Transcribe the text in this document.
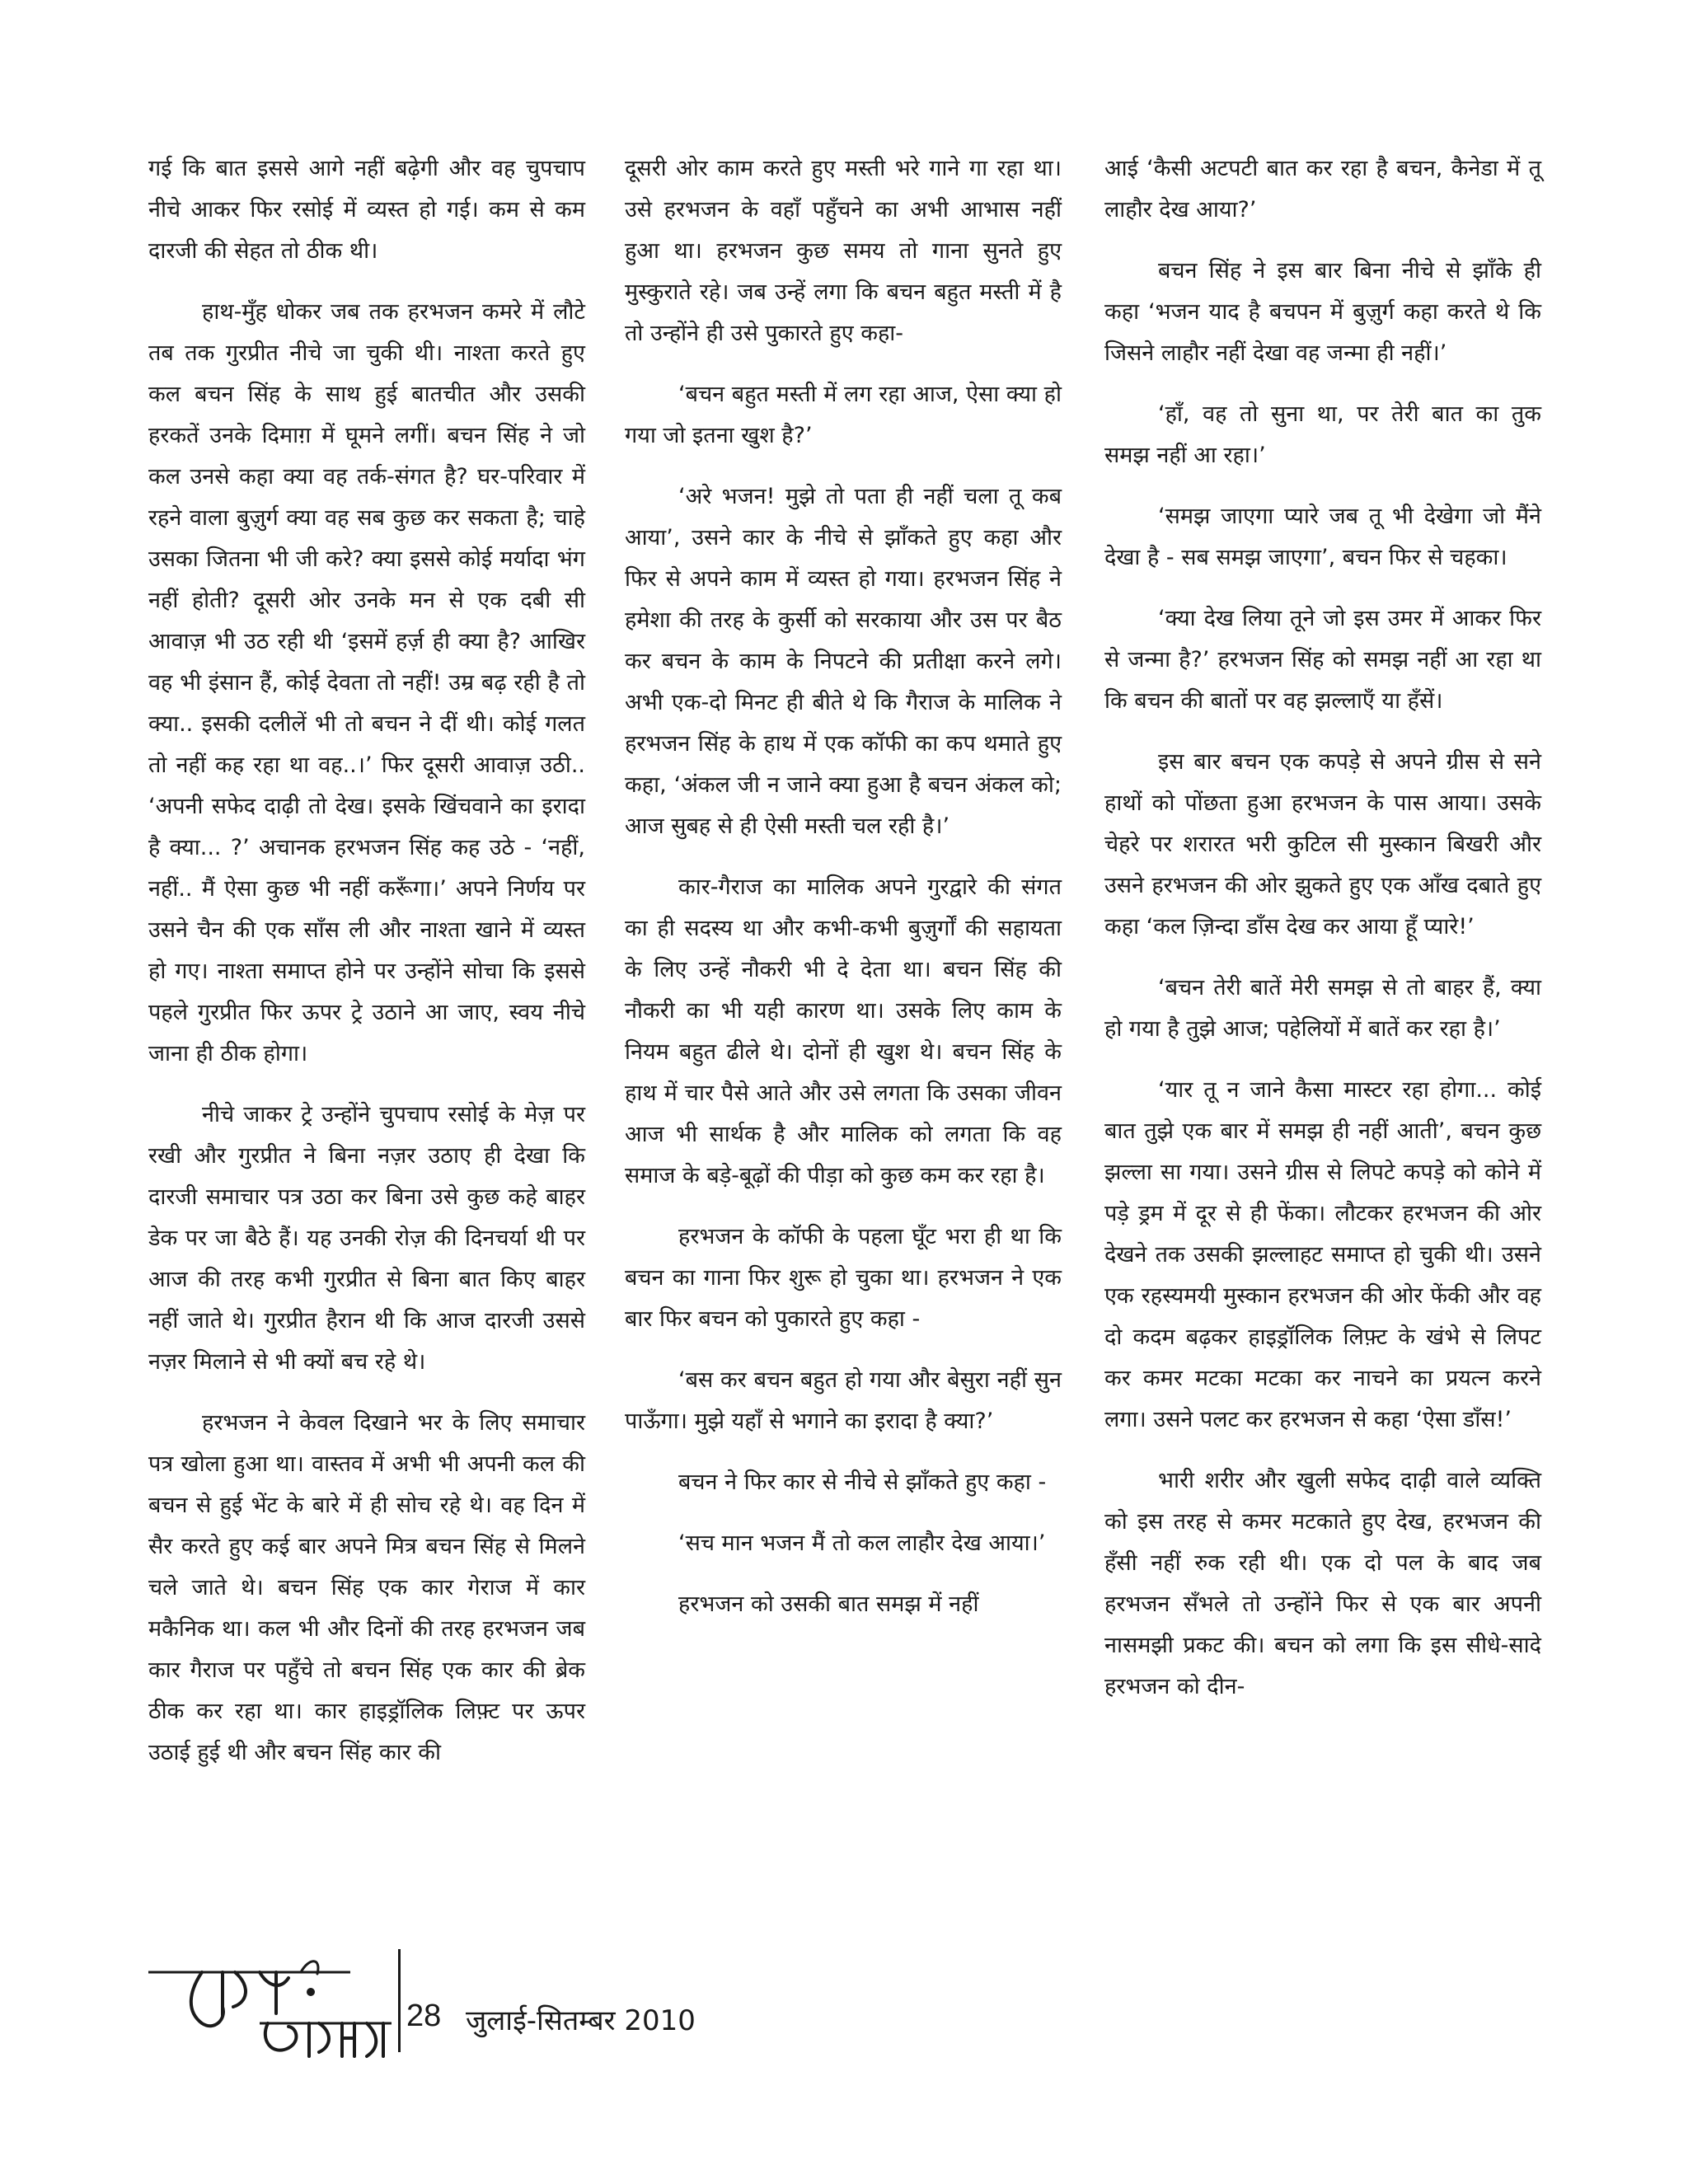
गई कि बात इससे आगे नहीं बढ़ेगी और वह चुपचाप नीचे आकर फिर रसोई में व्यस्त हो गई। कम से कम दारजी की सेहत तो ठीक थी।

हाथ-मुँह धोकर जब तक हरभजन कमरे में लौटे तब तक गुरप्रीत नीचे जा चुकी थी। नाश्ता करते हुए कल बचन सिंह के साथ हुई बातचीत और उसकी हरकतें उनके दिमाग़ में घूमने लगीं। बचन सिंह ने जो कल उनसे कहा क्या वह तर्क-संगत है? घर-परिवार में रहने वाला बुज़ुर्ग क्या वह सब कुछ कर सकता है; चाहे उसका जितना भी जी करे? क्या इससे कोई मर्यादा भंग नहीं होती? दूसरी ओर उनके मन से एक दबी सी आवाज़ भी उठ रही थी ‘इसमें हर्ज़ ही क्या है? आखिर वह भी इंसान हैं, कोई देवता तो नहीं! उम्र बढ़ रही है तो क्या.. इसकी दलीलें भी तो बचन ने दीं थी। कोई गलत तो नहीं कह रहा था वह..।’ फिर दूसरी आवाज़ उठी.. ‘अपनी सफेद दाढ़ी तो देख। इसके खिंचवाने का इरादा है क्या... ?’ अचानक हरभजन सिंह कह उठे - ‘नहीं, नहीं.. मैं ऐसा कुछ भी नहीं करूँगा।’ अपने निर्णय पर उसने चैन की एक साँस ली और नाश्ता खाने में व्यस्त हो गए। नाश्ता समाप्त होने पर उन्होंने सोचा कि इससे पहले गुरप्रीत फिर ऊपर ट्रे उठाने आ जाए, स्वय नीचे जाना ही ठीक होगा।

नीचे जाकर ट्रे उन्होंने चुपचाप रसोई के मेज़ पर रखी और गुरप्रीत ने बिना नज़र उठाए ही देखा कि दारजी समाचार पत्र उठा कर बिना उसे कुछ कहे बाहर डेक पर जा बैठे हैं। यह उनकी रोज़ की दिनचर्या थी पर आज की तरह कभी गुरप्रीत से बिना बात किए बाहर नहीं जाते थे। गुरप्रीत हैरान थी कि आज दारजी उससे नज़र मिलाने से भी क्यों बच रहे थे।

हरभजन ने केवल दिखाने भर के लिए समाचार पत्र खोला हुआ था। वास्तव में अभी भी अपनी कल की बचन से हुई भेंट के बारे में ही सोच रहे थे। वह दिन में सैर करते हुए कई बार अपने मित्र बचन सिंह से मिलने चले जाते थे। बचन सिंह एक कार गेराज में कार मकैनिक था। कल भी और दिनों की तरह हरभजन जब कार गैराज पर पहुँचे तो बचन सिंह एक कार की ब्रेक ठीक कर रहा था। कार हाइड्रॉलिक लिफ़्ट पर ऊपर उठाई हुई थी और बचन सिंह कार की

दूसरी ओर काम करते हुए मस्ती भरे गाने गा रहा था। उसे हरभजन के वहाँ पहुँचने का अभी आभास नहीं हुआ था। हरभजन कुछ समय तो गाना सुनते हुए मुस्कुराते रहे। जब उन्हें लगा कि बचन बहुत मस्ती में है तो उन्होंने ही उसे पुकारते हुए कहा-

‘बचन बहुत मस्ती में लग रहा आज, ऐसा क्या हो गया जो इतना खुश है?’

‘अरे भजन! मुझे तो पता ही नहीं चला तू कब आया’, उसने कार के नीचे से झाँकते हुए कहा और फिर से अपने काम में व्यस्त हो गया। हरभजन सिंह ने हमेशा की तरह के कुर्सी को सरकाया और उस पर बैठ कर बचन के काम के निपटने की प्रतीक्षा करने लगे। अभी एक-दो मिनट ही बीते थे कि गैराज के मालिक ने हरभजन सिंह के हाथ में एक कॉफी का कप थमाते हुए कहा, ‘अंकल जी न जाने क्या हुआ है बचन अंकल को; आज सुबह से ही ऐसी मस्ती चल रही है।’

कार-गैराज का मालिक अपने गुरद्वारे की संगत का ही सदस्य था और कभी-कभी बुज़ुर्गों की सहायता के लिए उन्हें नौकरी भी दे देता था। बचन सिंह की नौकरी का भी यही कारण था। उसके लिए काम के नियम बहुत ढीले थे। दोनों ही खुश थे। बचन सिंह के हाथ में चार पैसे आते और उसे लगता कि उसका जीवन आज भी सार्थक है और मालिक को लगता कि वह समाज के बड़े-बूढ़ों की पीड़ा को कुछ कम कर रहा है।

हरभजन के कॉफी के पहला घूँट भरा ही था कि बचन का गाना फिर शुरू हो चुका था। हरभजन ने एक बार फिर बचन को पुकारते हुए कहा -

‘बस कर बचन बहुत हो गया और बेसुरा नहीं सुन पाऊँगा। मुझे यहाँ से भगाने का इरादा है क्या?’

बचन ने फिर कार से नीचे से झाँकते हुए कहा -

‘सच मान भजन मैं तो कल लाहौर देख आया।’

हरभजन को उसकी बात समझ में नहीं

आई ‘कैसी अटपटी बात कर रहा है बचन, कैनेडा में तू लाहौर देख आया?’

बचन सिंह ने इस बार बिना नीचे से झाँके ही कहा ‘भजन याद है बचपन में बुज़ुर्ग कहा करते थे कि जिसने लाहौर नहीं देखा वह जन्मा ही नहीं।’

‘हाँ, वह तो सुना था, पर तेरी बात का तुक समझ नहीं आ रहा।’

‘समझ जाएगा प्यारे जब तू भी देखेगा जो मैंने देखा है - सब समझ जाएगा’, बचन फिर से चहका।

‘क्या देख लिया तूने जो इस उमर में आकर फिर से जन्मा है?’ हरभजन सिंह को समझ नहीं आ रहा था कि बचन की बातों पर वह झल्लाएँ या हँसें।

इस बार बचन एक कपड़े से अपने ग्रीस से सने हाथों को पोंछता हुआ हरभजन के पास आया। उसके चेहरे पर शरारत भरी कुटिल सी मुस्कान बिखरी और उसने हरभजन की ओर झुकते हुए एक आँख दबाते हुए कहा ‘कल ज़िन्दा डाँस देख कर आया हूँ प्यारे!’

‘बचन तेरी बातें मेरी समझ से तो बाहर हैं, क्या हो गया है तुझे आज; पहेलियों में बातें कर रहा है।’

‘यार तू न जाने कैसा मास्टर रहा होगा... कोई बात तुझे एक बार में समझ ही नहीं आती’, बचन कुछ झल्ला सा गया। उसने ग्रीस से लिपटे कपड़े को कोने में पड़े ड्रम में दूर से ही फेंका। लौटकर हरभजन की ओर देखने तक उसकी झल्लाहट समाप्त हो चुकी थी। उसने एक रहस्यमयी मुस्कान हरभजन की ओर फेंकी और वह दो कदम बढ़कर हाइड्रॉलिक लिफ़्ट के खंभे से लिपट कर कमर मटका मटका कर नाचने का प्रयत्न करने लगा। उसने पलट कर हरभजन से कहा ‘ऐसा डाँस!’

भारी शरीर और खुली सफेद दाढ़ी वाले व्यक्ति को इस तरह से कमर मटकाते हुए देख, हरभजन की हँसी नहीं रुक रही थी। एक दो पल के बाद जब हरभजन सँभले तो उन्होंने फिर से एक बार अपनी नासमझी प्रकट की। बचन को लगा कि इस सीधे-सादे हरभजन को दीन-

28 जुलाई-सितम्बर 2010
